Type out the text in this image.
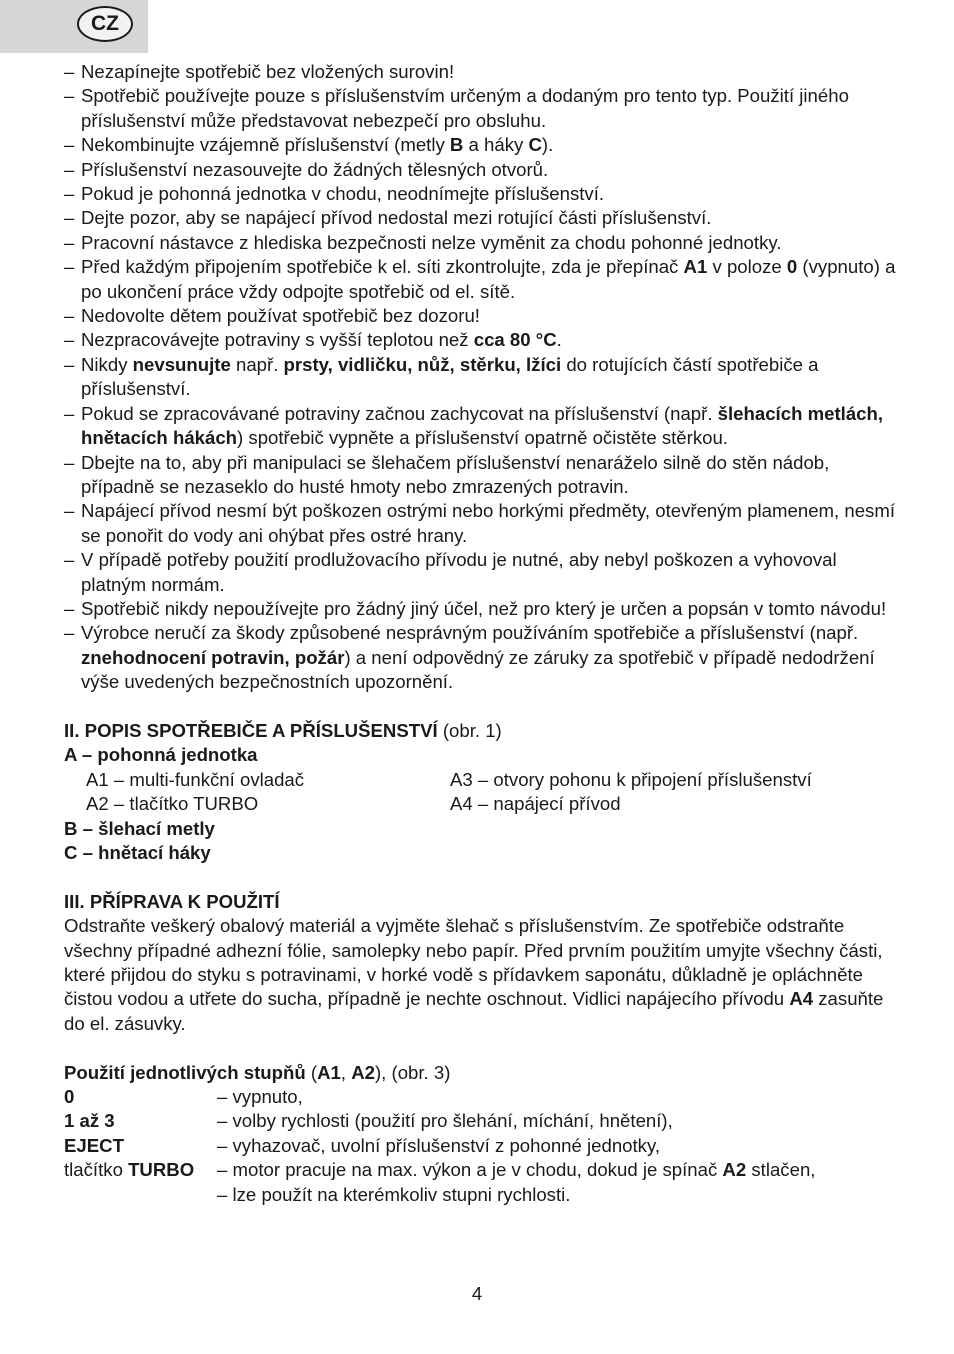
CZ
– Nezapínejte spotřebič bez vložených surovin!
– Spotřebič používejte pouze s příslušenstvím určeným a dodaným pro tento typ. Použití jiného příslušenství může představovat nebezpečí pro obsluhu.
– Nekombinujte vzájemně příslušenství (metly B a háky C).
– Příslušenství nezasouvejte do žádných tělesných otvorů.
– Pokud je pohonná jednotka v chodu, neodnímejte příslušenství.
– Dejte pozor, aby se napájecí přívod nedostal mezi rotující části příslušenství.
– Pracovní nástavce z hlediska bezpečnosti nelze vyměnit za chodu pohonné jednotky.
– Před každým připojením spotřebiče k el. síti zkontrolujte, zda je přepínač A1 v poloze 0 (vypnuto) a po ukončení práce vždy odpojte spotřebič od el. sítě.
– Nedovolte dětem používat spotřebič bez dozoru!
– Nezpracovávejte potraviny s vyšší teplotou než cca 80 °C.
– Nikdy nevsunujte např. prsty, vidličku, nůž, stěrku, lžíci do rotujících částí spotřebiče a příslušenství.
– Pokud se zpracovávané potraviny začnou zachycovat na příslušenství (např. šlehacích metlách, hnětacích hákách) spotřebič vypněte a příslušenství opatrně očistěte stěrkou.
– Dbejte na to, aby při manipulaci se šlehačem příslušenství nenaráželo silně do stěn nádob, případně se nezaseklo do husté hmoty nebo zmrazených potravin.
– Napájecí přívod nesmí být poškozen ostrými nebo horkými předměty, otevřeným plamenem, nesmí se ponořit do vody ani ohýbat přes ostré hrany.
– V případě potřeby použití prodlužovacího přívodu je nutné, aby nebyl poškozen a vyhovoval platným normám.
– Spotřebič nikdy nepoužívejte pro žádný jiný účel, než pro který je určen a popsán v tomto návodu!
– Výrobce neručí za škody způsobené nesprávným používáním spotřebiče a příslušenství (např. znehodnocení potravin, požár) a není odpovědný ze záruky za spotřebič v případě nedodržení výše uvedených bezpečnostních upozornění.
II. POPIS SPOTŘEBIČE A PŘÍSLUŠENSTVÍ (obr. 1)
A – pohonná jednotka
A1 – multi-funkční ovladač	A3 – otvory pohonu k připojení příslušenství
A2 – tlačítko TURBO	A4 – napájecí přívod
B – šlehací metly
C – hnětací háky
III. PŘÍPRAVA K POUŽITÍ
Odstraňte veškerý obalový materiál a vyjměte šlehač s příslušenstvím. Ze spotřebiče odstraňte všechny případné adhezní fólie, samolepky nebo papír. Před prvním použitím umyjte všechny části, které přijdou do styku s potravinami, v horké vodě s přídavkem saponátu, důkladně je opláchněte čistou vodou a utřete do sucha, případně je nechte oschnout. Vidlici napájecího přívodu A4 zasuňte do el. zásuvky.
Použití jednotlivých stupňů (A1, A2), (obr. 3)
0	– vypnuto,
1 až 3	– volby rychlosti (použití pro šlehání, míchání, hnětení),
EJECT	– vyhazovač, uvolní příslušenství z pohonné jednotky,
tlačítko TURBO	– motor pracuje na max. výkon a je v chodu, dokud je spínač A2 stlačen,
– lze použít na kterémkoliv stupni rychlosti.
4
